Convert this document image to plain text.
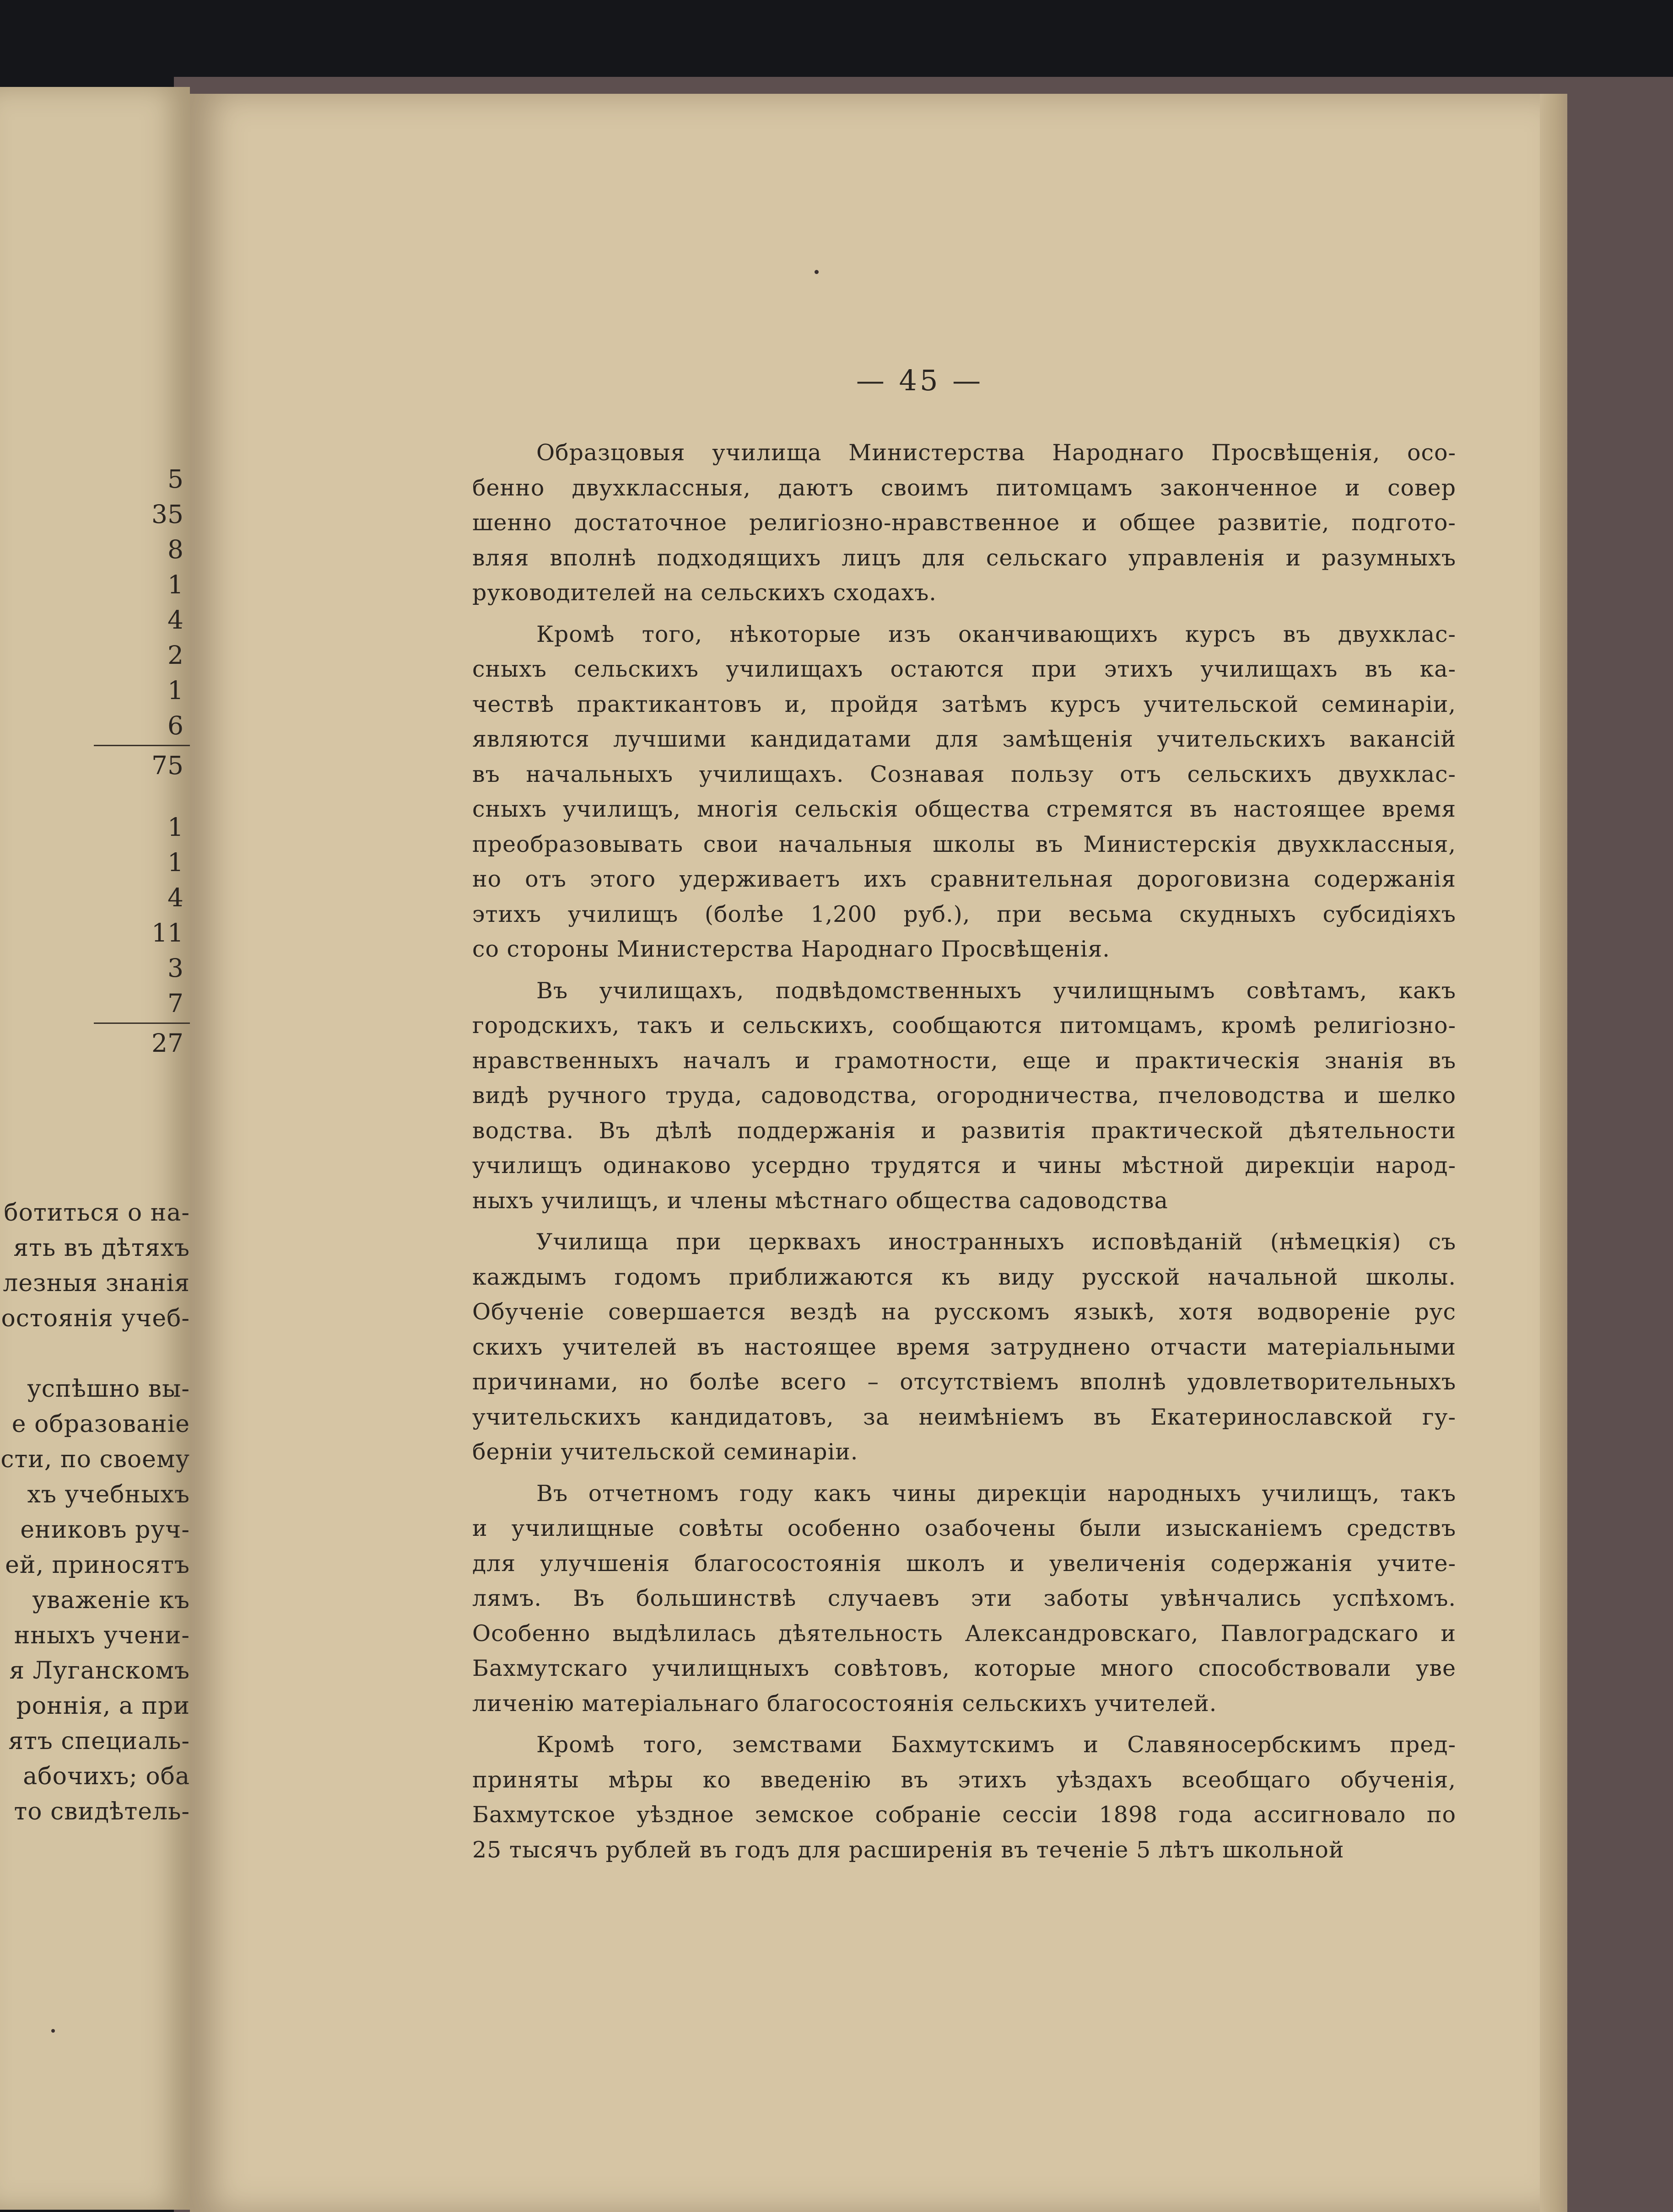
5
35
8
1
4
2
1
6
75
1
1
4
11
3
7
27
ботиться о на-
ять въ дѣтяхъ
лезныя знанія
остоянія учеб-
успѣшно вы-
е образованіе
сти, по своему
хъ учебныхъ
ениковъ руч-
ей, приносятъ
уваженіе къ
нныхъ учени-
я Луганскомъ
роннія, а при
ятъ специаль-
абочихъ; оба
то свидѣтель-
— 45 —
Образцовыя училища Министерства Народнаго Просвѣщенія, осо-
бенно двухклассныя, даютъ своимъ питомцамъ законченное и совер
шенно достаточное религіозно-нравственное и общее развитіе, подгото-
вляя вполнѣ подходящихъ лицъ для сельскаго управленія и разумныхъ
руководителей на сельскихъ сходахъ.
Кромѣ того, нѣкоторые изъ оканчивающихъ курсъ въ двухклас-
сныхъ сельскихъ училищахъ остаются при этихъ училищахъ въ ка-
чествѣ практикантовъ и, пройдя затѣмъ курсъ учительской семинаріи,
являются лучшими кандидатами для замѣщенія учительскихъ вакансій
въ начальныхъ училищахъ. Сознавая пользу отъ сельскихъ двухклас-
сныхъ училищъ, многія сельскія общества стремятся въ настоящее время
преобразовывать свои начальныя школы въ Министерскія двухклассныя,
но отъ этого удерживаетъ ихъ сравнительная дороговизна содержанія
этихъ училищъ (болѣе 1,200 руб.), при весьма скудныхъ субсидіяхъ
со стороны Министерства Народнаго Просвѣщенія.
Въ училищахъ, подвѣдомственныхъ училищнымъ совѣтамъ, какъ
городскихъ, такъ и сельскихъ, сообщаются питомцамъ, кромѣ религіозно-
нравственныхъ началъ и грамотности, еще и практическія знанія въ
видѣ ручного труда, садоводства, огородничества, пчеловодства и шелко
водства. Въ дѣлѣ поддержанія и развитія практической дѣятельности
училищъ одинаково усердно трудятся и чины мѣстной дирекціи народ-
ныхъ училищъ, и члены мѣстнаго общества садоводства
Училища при церквахъ иностранныхъ исповѣданій (нѣмецкія) съ
каждымъ годомъ приближаются къ виду русской начальной школы.
Обученіе совершается вездѣ на русскомъ языкѣ, хотя водвореніе рус
скихъ учителей въ настоящее время затруднено отчасти матеріальными
причинами, но болѣе всего – отсутствіемъ вполнѣ удовлетворительныхъ
учительскихъ кандидатовъ, за неимѣніемъ въ Екатеринославской гу-
берніи учительской семинаріи.
Въ отчетномъ году какъ чины дирекціи народныхъ училищъ, такъ
и училищные совѣты особенно озабочены были изысканіемъ средствъ
для улучшенія благосостоянія школъ и увеличенія содержанія учите-
лямъ. Въ большинствѣ случаевъ эти заботы увѣнчались успѣхомъ.
Особенно выдѣлилась дѣятельность Александровскаго, Павлоградскаго и
Бахмутскаго училищныхъ совѣтовъ, которые много способствовали уве
личенію матеріальнаго благосостоянія сельскихъ учителей.
Кромѣ того, земствами Бахмутскимъ и Славяносербскимъ пред-
приняты мѣры ко введенію въ этихъ уѣздахъ всеобщаго обученія,
Бахмутское уѣздное земское собраніе сессіи 1898 года ассигновало по
25 тысячъ рублей въ годъ для расширенія въ теченіе 5 лѣтъ школьной
